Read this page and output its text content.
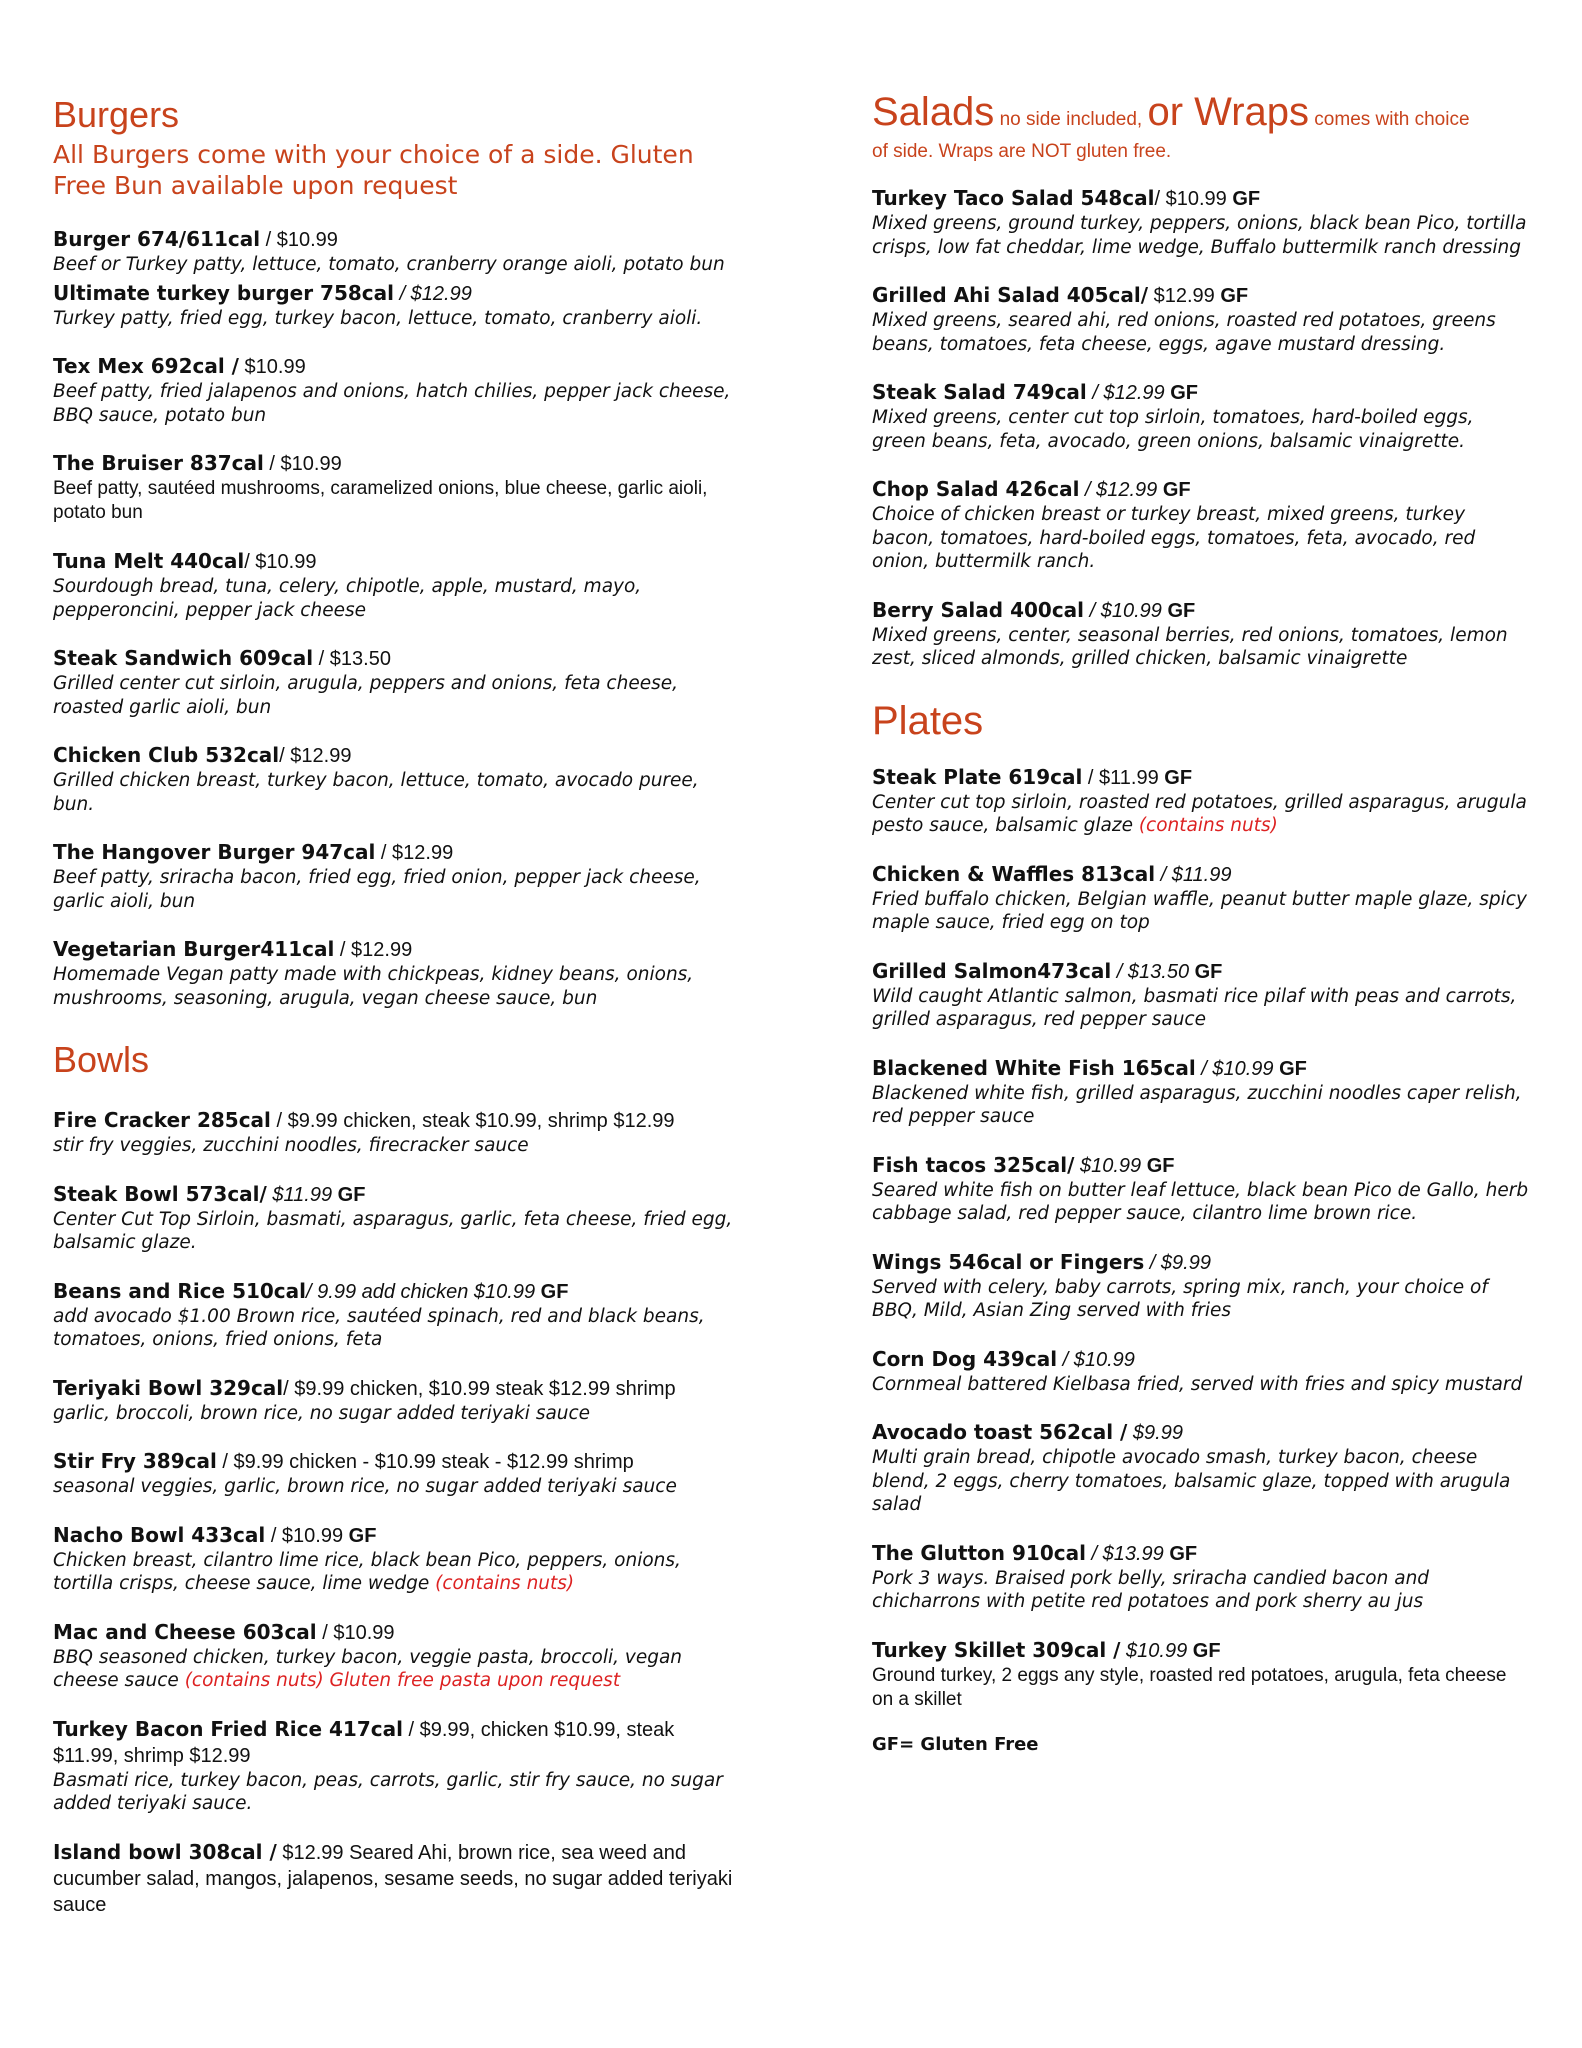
Burgers
All Burgers come with your choice of a side. Gluten Free Bun available upon request
Burger 674/611cal / $10.99
Beef or Turkey patty, lettuce, tomato, cranberry orange aioli, potato bun
Ultimate turkey burger 758cal / $12.99
Turkey patty, fried egg, turkey bacon, lettuce, tomato, cranberry aioli.
Tex Mex 692cal / $10.99
Beef patty, fried jalapenos and onions, hatch chilies, pepper jack cheese, BBQ sauce, potato bun
The Bruiser 837cal / $10.99
Beef patty, sautéed mushrooms, caramelized onions, blue cheese, garlic aioli, potato bun
Tuna Melt 440cal/ $10.99
Sourdough bread, tuna, celery, chipotle, apple, mustard, mayo, pepperoncini, pepper jack cheese
Steak Sandwich 609cal / $13.50
Grilled center cut sirloin, arugula, peppers and onions, feta cheese, roasted garlic aioli, bun
Chicken Club 532cal/ $12.99
Grilled chicken breast, turkey bacon, lettuce, tomato, avocado puree, bun.
The Hangover Burger 947cal / $12.99
Beef patty, sriracha bacon, fried egg, fried onion, pepper jack cheese, garlic aioli, bun
Vegetarian Burger411cal / $12.99
Homemade Vegan patty made with chickpeas, kidney beans, onions, mushrooms, seasoning, arugula, vegan cheese sauce, bun
Bowls
Fire Cracker 285cal / $9.99 chicken, steak $10.99, shrimp $12.99
stir fry veggies, zucchini noodles, firecracker sauce
Steak Bowl 573cal/ $11.99 GF
Center Cut Top Sirloin, basmati, asparagus, garlic, feta cheese, fried egg, balsamic glaze.
Beans and Rice 510cal/ 9.99 add chicken $10.99 GF
add avocado $1.00 Brown rice, sautéed spinach, red and black beans, tomatoes, onions, fried onions, feta
Teriyaki Bowl 329cal/ $9.99 chicken, $10.99 steak $12.99 shrimp
garlic, broccoli, brown rice, no sugar added teriyaki sauce
Stir Fry 389cal / $9.99 chicken - $10.99 steak - $12.99 shrimp
seasonal veggies, garlic, brown rice, no sugar added teriyaki sauce
Nacho Bowl 433cal / $10.99 GF
Chicken breast, cilantro lime rice, black bean Pico, peppers, onions, tortilla crisps, cheese sauce, lime wedge (contains nuts)
Mac and Cheese 603cal / $10.99
BBQ seasoned chicken, turkey bacon, veggie pasta, broccoli, vegan cheese sauce (contains nuts) Gluten free pasta upon request
Turkey Bacon Fried Rice 417cal / $9.99, chicken $10.99, steak $11.99, shrimp $12.99
Basmati rice, turkey bacon, peas, carrots, garlic, stir fry sauce, no sugar added teriyaki sauce.
Island bowl 308cal / $12.99 Seared Ahi, brown rice, sea weed and cucumber salad, mangos, jalapenos, sesame seeds, no sugar added teriyaki sauce
Salads no side included, or Wraps comes with choice
of side. Wraps are NOT gluten free.
Turkey Taco Salad 548cal/ $10.99 GF
Mixed greens, ground turkey, peppers, onions, black bean Pico, tortilla crisps, low fat cheddar, lime wedge, Buffalo buttermilk ranch dressing
Grilled Ahi Salad 405cal/ $12.99 GF
Mixed greens, seared ahi, red onions, roasted red potatoes, greens beans, tomatoes, feta cheese, eggs, agave mustard dressing.
Steak Salad 749cal / $12.99 GF
Mixed greens, center cut top sirloin, tomatoes, hard-boiled eggs, green beans, feta, avocado, green onions, balsamic vinaigrette.
Chop Salad 426cal / $12.99 GF
Choice of chicken breast or turkey breast, mixed greens, turkey bacon, tomatoes, hard-boiled eggs, tomatoes, feta, avocado, red onion, buttermilk ranch.
Berry Salad 400cal / $10.99 GF
Mixed greens, center, seasonal berries, red onions, tomatoes, lemon zest, sliced almonds, grilled chicken, balsamic vinaigrette
Plates
Steak Plate 619cal / $11.99 GF
Center cut top sirloin, roasted red potatoes, grilled asparagus, arugula pesto sauce, balsamic glaze (contains nuts)
Chicken & Waffles 813cal / $11.99
Fried buffalo chicken, Belgian waffle, peanut butter maple glaze, spicy maple sauce, fried egg on top
Grilled Salmon473cal / $13.50 GF
Wild caught Atlantic salmon, basmati rice pilaf with peas and carrots, grilled asparagus, red pepper sauce
Blackened White Fish 165cal / $10.99 GF
Blackened white fish, grilled asparagus, zucchini noodles caper relish, red pepper sauce
Fish tacos 325cal/ $10.99 GF
Seared white fish on butter leaf lettuce, black bean Pico de Gallo, herb cabbage salad, red pepper sauce, cilantro lime brown rice.
Wings 546cal or Fingers / $9.99
Served with celery, baby carrots, spring mix, ranch, your choice of BBQ, Mild, Asian Zing served with fries
Corn Dog 439cal / $10.99
Cornmeal battered Kielbasa fried, served with fries and spicy mustard
Avocado toast 562cal / $9.99
Multi grain bread, chipotle avocado smash, turkey bacon, cheese blend, 2 eggs, cherry tomatoes, balsamic glaze, topped with arugula salad
The Glutton 910cal / $13.99 GF
Pork 3 ways. Braised pork belly, sriracha candied bacon and chicharrons with petite red potatoes and pork sherry au jus
Turkey Skillet 309cal / $10.99 GF
Ground turkey, 2 eggs any style, roasted red potatoes, arugula, feta cheese on a skillet
GF= Gluten Free
